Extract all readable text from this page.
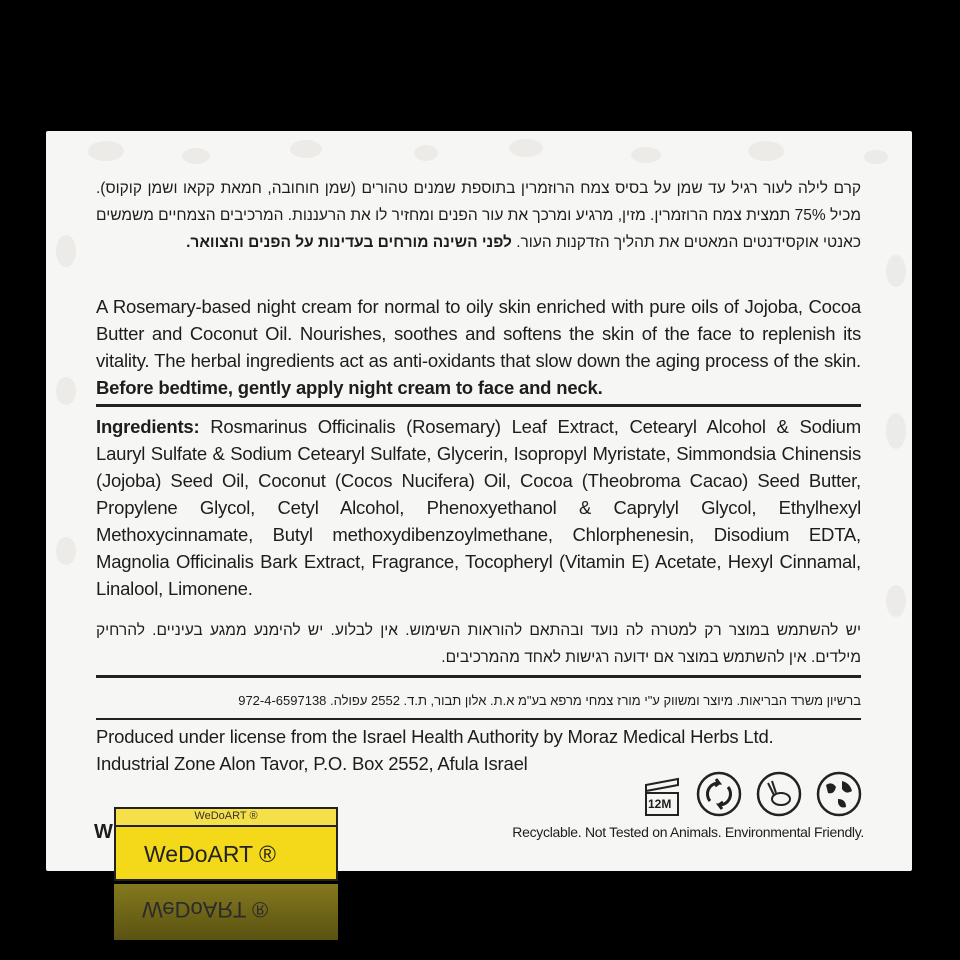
קרם לילה לעור רגיל עד שמן על בסיס צמח הרוזמרין בתוספת שמנים טהורים (שמן חוחובה, חמאת קקאו ושמן קוקוס). מכיל 75% תמצית צמח הרוזמרין. מזין, מרגיע ומרכך את עור הפנים ומחזיר לו את הרעננות. המרכיבים הצמחיים משמשים כאנטי אוקסידנטים המאטים את תהליך הזדקנות העור. לפני השינה מורחים בעדינות על הפנים והצוואר.
A Rosemary-based night cream for normal to oily skin enriched with pure oils of Jojoba, Cocoa Butter and Coconut Oil. Nourishes, soothes and softens the skin of the face to replenish its vitality. The herbal ingredients act as anti-oxidants that slow down the aging process of the skin. Before bedtime, gently apply night cream to face and neck.
Ingredients: Rosmarinus Officinalis (Rosemary) Leaf Extract, Cetearyl Alcohol & Sodium Lauryl Sulfate & Sodium Cetearyl Sulfate, Glycerin, Isopropyl Myristate, Simmondsia Chinensis (Jojoba) Seed Oil, Coconut (Cocos Nucifera) Oil, Cocoa (Theobroma Cacao) Seed Butter, Propylene Glycol, Cetyl Alcohol, Phenoxyethanol & Caprylyl Glycol, Ethylhexyl Methoxycinnamate, Butyl methoxydibenzoylmethane, Chlorphenesin, Disodium EDTA, Magnolia Officinalis Bark Extract, Fragrance, Tocopheryl (Vitamin E) Acetate, Hexyl Cinnamal, Linalool, Limonene.
יש להשתמש במוצר רק למטרה לה נועד ובהתאם להוראות השימוש. אין לבלוע. יש להימנע ממגע בעיניים. להרחיק מילדים. אין להשתמש במוצר אם ידועה רגישות לאחד מהמרכיבים.
ברשיון משרד הבריאות. מיוצר ומשווק ע"י מורז צמחי מרפא בע"מ א.ת. אלון תבור, ת.ד. 2552 עפולה. 972-4-6597138
Produced under license from the Israel Health Authority by Moraz Medical Herbs Ltd.
Industrial Zone Alon Tavor, P.O. Box 2552, Afula Israel
12M
Recyclable. Not Tested on Animals. Environmental Friendly.
W
WeDoART ®
WeDoART ®
WeDoART ®
